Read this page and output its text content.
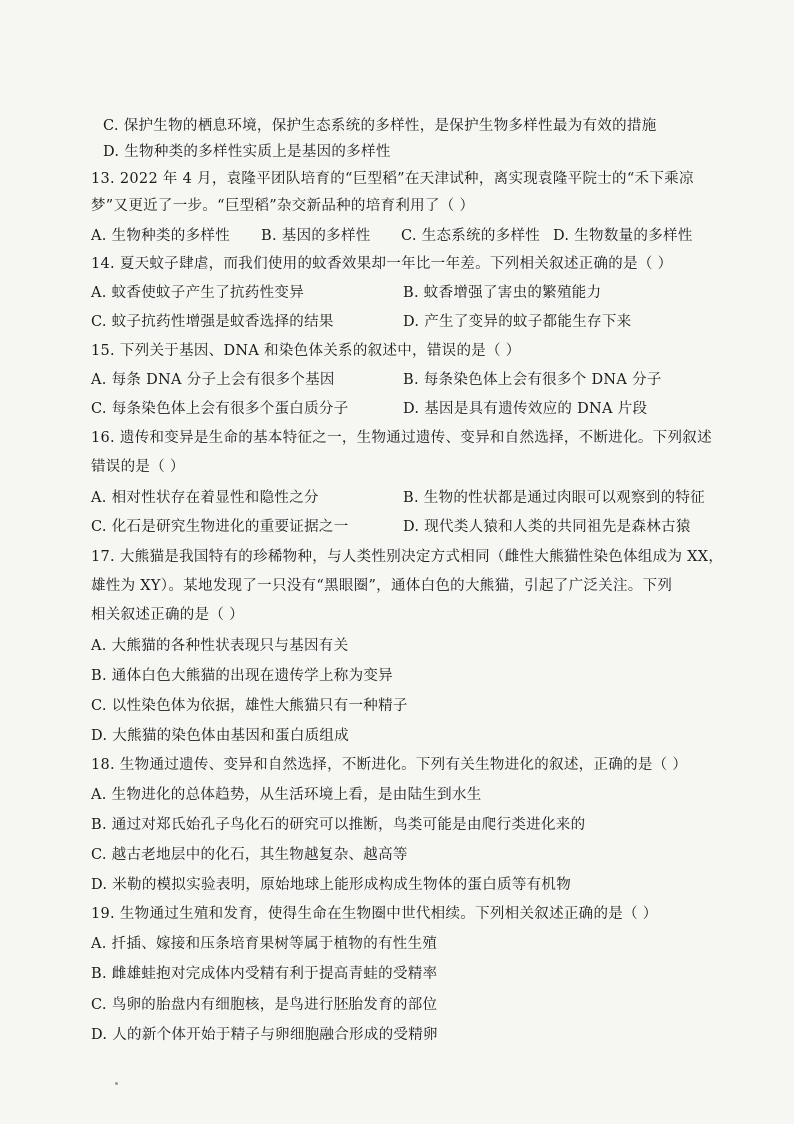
C. 保护生物的栖息环境，保护生态系统的多样性，是保护生物多样性最为有效的措施
D. 生物种类的多样性实质上是基因的多样性
13. 2022 年 4 月，袁隆平团队培育的“巨型稻”在天津试种，离实现袁隆平院士的“禾下乘凉
梦”又更近了一步。“巨型稻”杂交新品种的培育利用了（ ）
A. 生物种类的多样性 B. 基因的多样性 C. 生态系统的多样性 D. 生物数量的多样性
14. 夏天蚊子肆虐，而我们使用的蚊香效果却一年比一年差。下列相关叙述正确的是（ ）
A. 蚊香使蚊子产生了抗药性变异	B. 蚊香增强了害虫的繁殖能力
C. 蚊子抗药性增强是蚊香选择的结果	D. 产生了变异的蚊子都能生存下来
15. 下列关于基因、DNA 和染色体关系的叙述中，错误的是（ ）
A. 每条 DNA 分子上会有很多个基因	B. 每条染色体上会有很多个 DNA 分子
C. 每条染色体上会有很多个蛋白质分子	D. 基因是具有遗传效应的 DNA 片段
16. 遗传和变异是生命的基本特征之一，生物通过遗传、变异和自然选择，不断进化。下列叙述
错误的是（ ）
A. 相对性状存在着显性和隐性之分	B. 生物的性状都是通过肉眼可以观察到的特征
C. 化石是研究生物进化的重要证据之一	D. 现代类人猿和人类的共同祖先是森林古猿
17. 大熊猫是我国特有的珍稀物种，与人类性别决定方式相同（雌性大熊猫性染色体组成为 XX，
雄性为 XY）。某地发现了一只没有“黑眼圈”，通体白色的大熊猫，引起了广泛关注。下列
相关叙述正确的是（ ）
A. 大熊猫的各种性状表现只与基因有关
B. 通体白色大熊猫的出现在遗传学上称为变异
C. 以性染色体为依据，雄性大熊猫只有一种精子
D. 大熊猫的染色体由基因和蛋白质组成
18. 生物通过遗传、变异和自然选择，不断进化。下列有关生物进化的叙述，正确的是（ ）
A. 生物进化的总体趋势，从生活环境上看，是由陆生到水生
B. 通过对郑氏始孔子鸟化石的研究可以推断，鸟类可能是由爬行类进化来的
C. 越古老地层中的化石，其生物越复杂、越高等
D. 米勒的模拟实验表明，原始地球上能形成构成生物体的蛋白质等有机物
19. 生物通过生殖和发育，使得生命在生物圈中世代相续。下列相关叙述正确的是（ ）
A. 扦插、嫁接和压条培育果树等属于植物的有性生殖
B. 雌雄蛙抱对完成体内受精有利于提高青蛙的受精率
C. 鸟卵的胎盘内有细胞核，是鸟进行胚胎发育的部位
D. 人的新个体开始于精子与卵细胞融合形成的受精卵
